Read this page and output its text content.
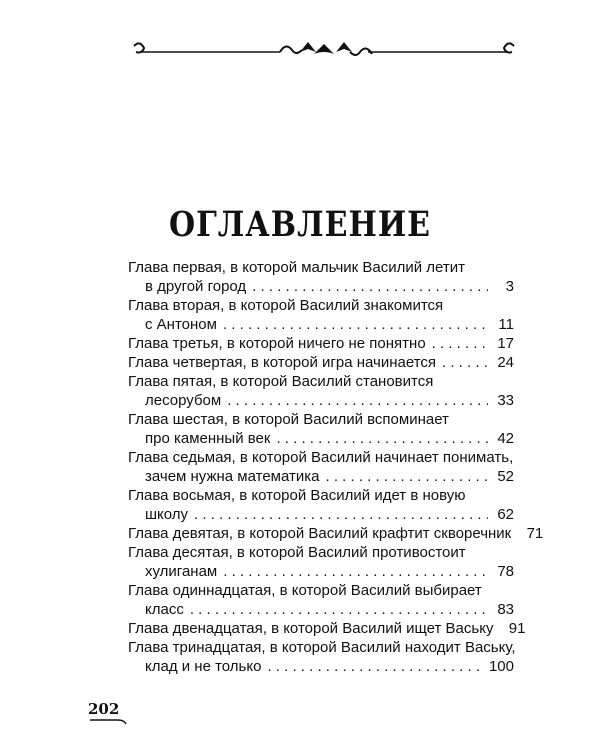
ОГЛАВЛЕНИЕ
Глава первая, в которой мальчик Василий летит
в другой город . . .	3
Глава вторая, в которой Василий знакомится
с Антоном . . .	11
Глава третья, в которой ничего не понятно . . .	17
Глава четвертая, в которой игра начинается . . .	24
Глава пятая, в которой Василий становится
лесорубом . . .	33
Глава шестая, в которой Василий вспоминает
про каменный век . . .	42
Глава седьмая, в которой Василий начинает понимать,
зачем нужна математика . . .	52
Глава восьмая, в которой Василий идет в новую
школу . . .	62
Глава девятая, в которой Василий крафтит скворечник	71
Глава десятая, в которой Василий противостоит
хулиганам . . .	78
Глава одиннадцатая, в которой Василий выбирает
класс . . .	83
Глава двенадцатая, в которой Василий ищет Ваську	91
Глава тринадцатая, в которой Василий находит Ваську,
клад и не только . . .	100
202
